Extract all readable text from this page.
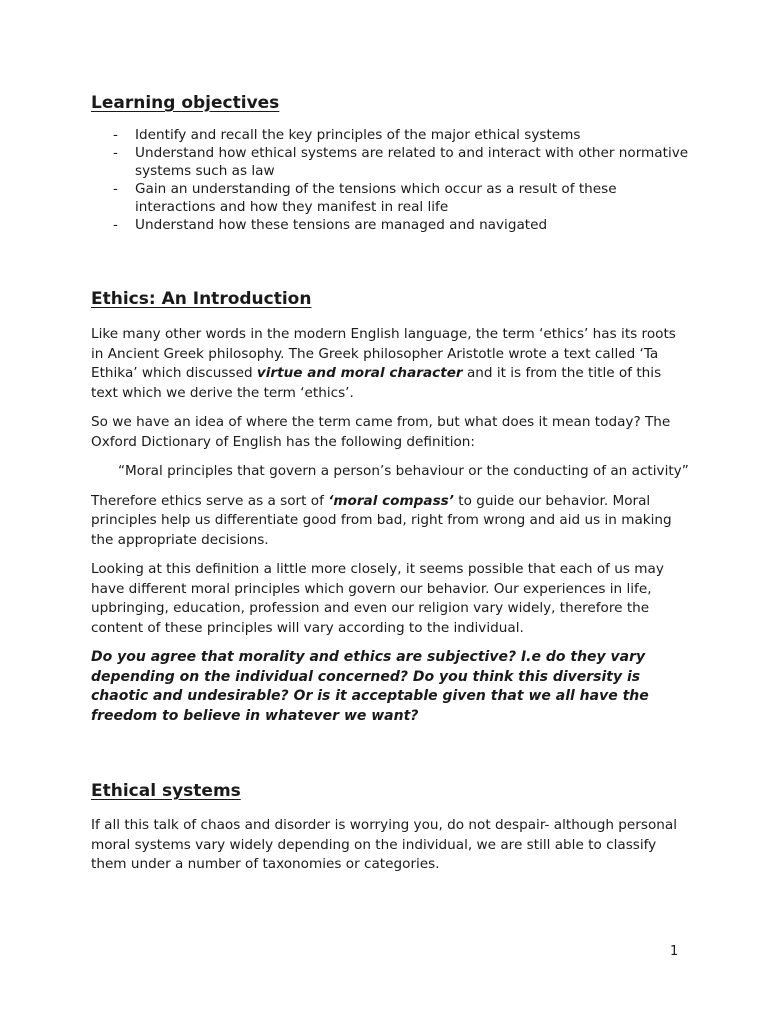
Learning objectives
- Identify and recall the key principles of the major ethical systems
- Understand how ethical systems are related to and interact with other normative systems such as law
- Gain an understanding of the tensions which occur as a result of these interactions and how they manifest in real life
- Understand how these tensions are managed and navigated
Ethics: An Introduction

Like many other words in the modern English language, the term ‘ethics’ has its roots in Ancient Greek philosophy. The Greek philosopher Aristotle wrote a text called ‘Ta Ethika’ which discussed virtue and moral character and it is from the title of this text which we derive the term ‘ethics’.

So we have an idea of where the term came from, but what does it mean today? The Oxford Dictionary of English has the following definition:

“Moral principles that govern a person’s behaviour or the conducting of an activity”

Therefore ethics serve as a sort of ‘moral compass’ to guide our behavior. Moral principles help us differentiate good from bad, right from wrong and aid us in making the appropriate decisions.

Looking at this definition a little more closely, it seems possible that each of us may have different moral principles which govern our behavior. Our experiences in life, upbringing, education, profession and even our religion vary widely, therefore the content of these principles will vary according to the individual.

Do you agree that morality and ethics are subjective? I.e do they vary depending on the individual concerned? Do you think this diversity is chaotic and undesirable? Or is it acceptable given that we all have the freedom to believe in whatever we want?

Ethical systems

If all this talk of chaos and disorder is worrying you, do not despair- although personal moral systems vary widely depending on the individual, we are still able to classify them under a number of taxonomies or categories.

1
